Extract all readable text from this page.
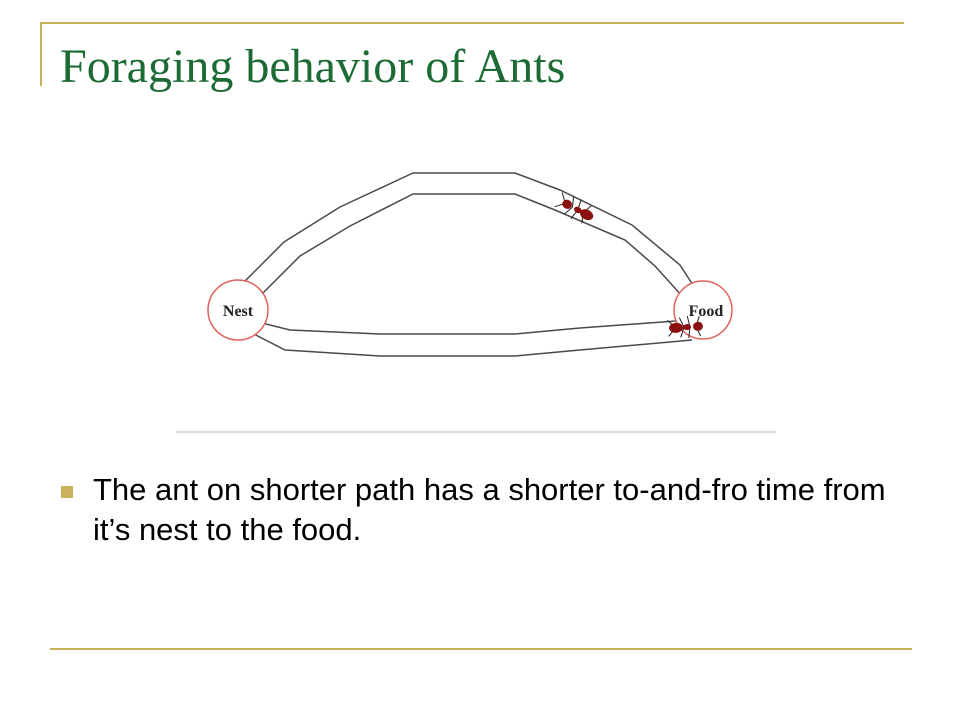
Foraging behavior of Ants
Nest	Food
The ant on shorter path has a shorter to-and-fro time from it’s nest to the food.
